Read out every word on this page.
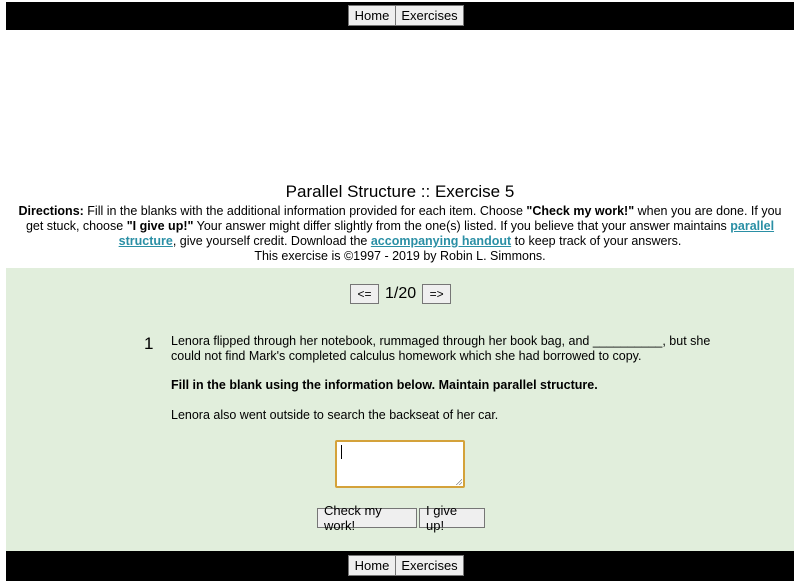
Home Exercises
Parallel Structure :: Exercise 5
Directions: Fill in the blanks with the additional information provided for each item. Choose "Check my work!" when you are done. If you get stuck, choose "I give up!" Your answer might differ slightly from the one(s) listed. If you believe that your answer maintains parallel structure, give yourself credit. Download the accompanying handout to keep track of your answers.
This exercise is ©1997 - 2019 by Robin L. Simmons.
<= 1/20	=>
1 Lenora flipped through her notebook, rummaged through her book bag, and __________, but she could not find Mark's completed calculus homework which she had borrowed to copy.
Fill in the blank using the information below. Maintain parallel structure.
Lenora also went outside to search the backseat of her car.
Check my work!
I give up!
Home Exercises
